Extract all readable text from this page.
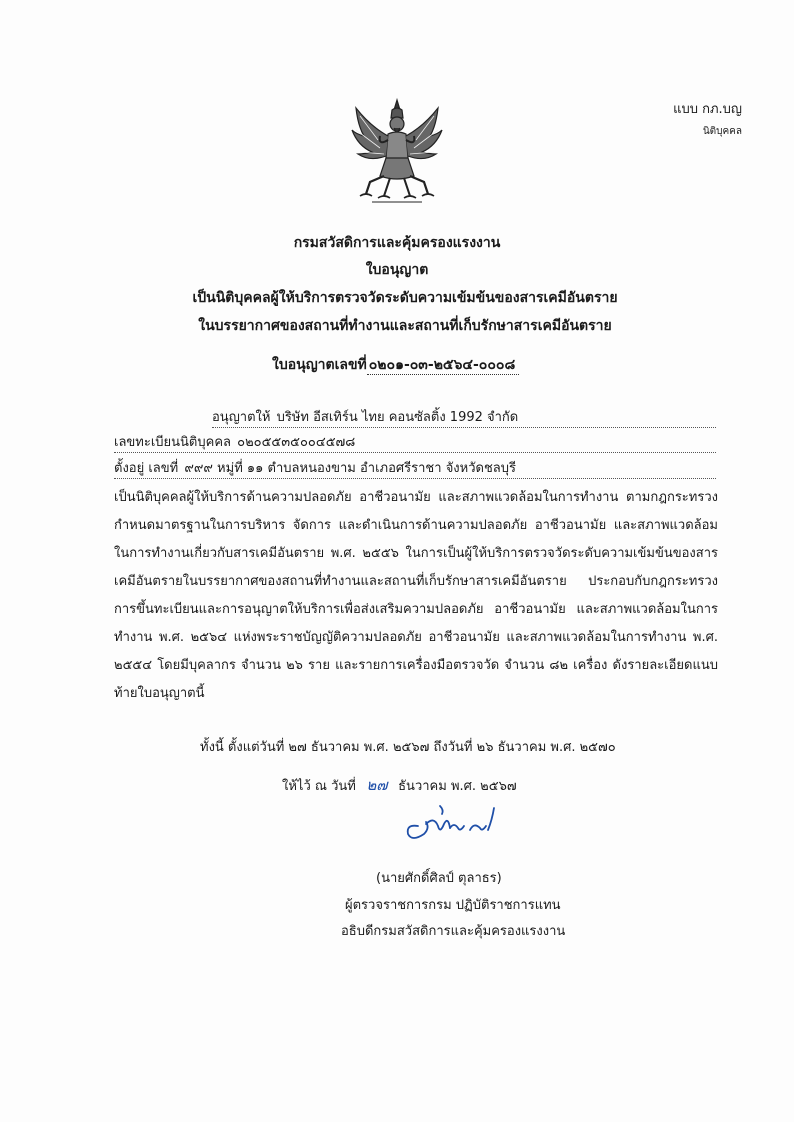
แบบ กภ.บญ
นิติบุคคล
กรมสวัสดิการและคุ้มครองแรงงาน
ใบอนุญาต
เป็นนิติบุคคลผู้ให้บริการตรวจวัดระดับความเข้มข้นของสารเคมีอันตราย
ในบรรยากาศของสถานที่ทำงานและสถานที่เก็บรักษาสารเคมีอันตราย
ใบอนุญาตเลขที่ ๐๒๐๑-๐๓-๒๕๖๔-๐๐๐๘
อนุญาตให้ บริษัท อีสเทิร์น ไทย คอนซัลติ้ง 1992 จำกัด
เลขทะเบียนนิติบุคคล ๐๒๐๕๕๓๕๐๐๔๕๗๘
ตั้งอยู่ เลขที่ ๙๙๙ หมู่ที่ ๑๑ ตำบลหนองขาม อำเภอศรีราชา จังหวัดชลบุรี
เป็นนิติบุคคลผู้ให้บริการด้านความปลอดภัย อาชีวอนามัย และสภาพแวดล้อมในการทำงาน ตามกฎกระทรวงกำหนดมาตรฐานในการบริหาร จัดการ และดำเนินการด้านความปลอดภัย อาชีวอนามัย และสภาพแวดล้อมในการทำงานเกี่ยวกับสารเคมีอันตราย พ.ศ. ๒๕๕๖ ในการเป็นผู้ให้บริการตรวจวัดระดับความเข้มข้นของสารเคมีอันตรายในบรรยากาศของสถานที่ทำงานและสถานที่เก็บรักษาสารเคมีอันตราย ประกอบกับกฎกระทรวงการขึ้นทะเบียนและการอนุญาตให้บริการเพื่อส่งเสริมความปลอดภัย อาชีวอนามัย และสภาพแวดล้อมในการทำงาน พ.ศ. ๒๕๖๔ แห่งพระราชบัญญัติความปลอดภัย อาชีวอนามัย และสภาพแวดล้อมในการทำงาน พ.ศ. ๒๕๕๔ โดยมีบุคลากร จำนวน ๒๖ ราย และรายการเครื่องมือตรวจวัด จำนวน ๘๒ เครื่อง ดังรายละเอียดแนบท้ายใบอนุญาตนี้
ทั้งนี้ ตั้งแต่วันที่ ๒๗ ธันวาคม พ.ศ. ๒๕๖๗ ถึงวันที่ ๒๖ ธันวาคม พ.ศ. ๒๕๗๐
ให้ไว้ ณ วันที่ ๒๗ ธันวาคม พ.ศ. ๒๕๖๗
(นายศักดิ์ศิลป์ ตุลาธร)
ผู้ตรวจราชการกรม ปฏิบัติราชการแทน
อธิบดีกรมสวัสดิการและคุ้มครองแรงงาน
